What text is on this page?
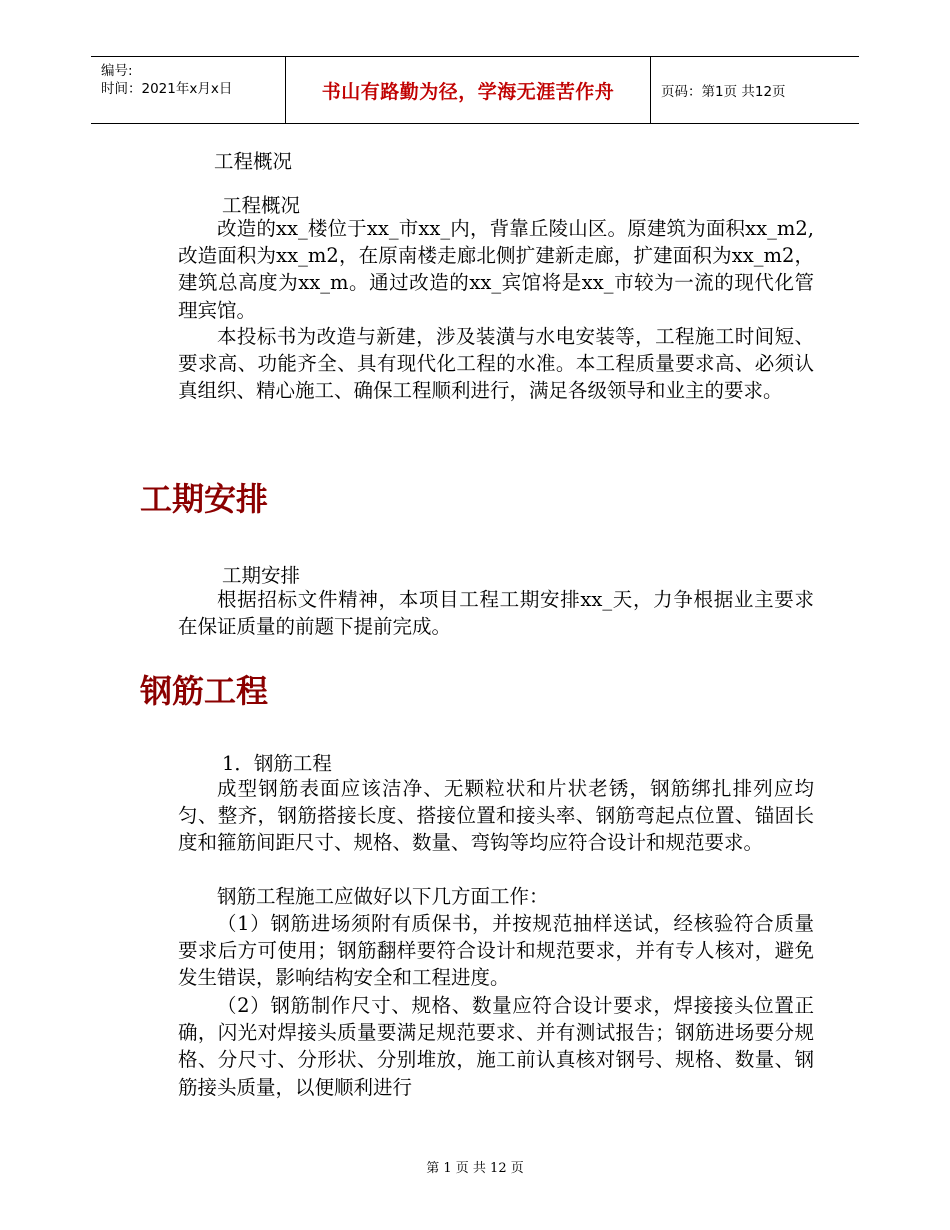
编号:
时间：2021年x月x日	书山有路勤为径，学海无涯苦作舟	页码：第1页 共12页
工程概况
工程概况

改造的xx_楼位于xx_市xx_内，背靠丘陵山区。原建筑为面积xx_m2,改造面积为xx_m2，在原南楼走廊北侧扩建新走廊，扩建面积为xx_m2，建筑总高度为xx_m。通过改造的xx_宾馆将是xx_市较为一流的现代化管理宾馆。

本投标书为改造与新建，涉及装潢与水电安装等，工程施工时间短、要求高、功能齐全、具有现代化工程的水准。本工程质量要求高、必须认真组织、精心施工、确保工程顺利进行，满足各级领导和业主的要求。

工期安排
工期安排

根据招标文件精神，本项目工程工期安排xx_天，力争根据业主要求在保证质量的前题下提前完成。

钢筋工程
1．钢筋工程

成型钢筋表面应该洁净、无颗粒状和片状老锈，钢筋绑扎排列应均匀、整齐，钢筋搭接长度、搭接位置和接头率、钢筋弯起点位置、锚固长度和箍筋间距尺寸、规格、数量、弯钩等均应符合设计和规范要求。

钢筋工程施工应做好以下几方面工作：

（1）钢筋进场须附有质保书，并按规范抽样送试，经核验符合质量要求后方可使用；钢筋翻样要符合设计和规范要求，并有专人核对，避免发生错误，影响结构安全和工程进度。

（2）钢筋制作尺寸、规格、数量应符合设计要求，焊接接头位置正确，闪光对焊接头质量要满足规范要求、并有测试报告；钢筋进场要分规格、分尺寸、分形状、分别堆放，施工前认真核对钢号、规格、数量、钢筋接头质量，以便顺利进行

第 1 页 共 12 页
